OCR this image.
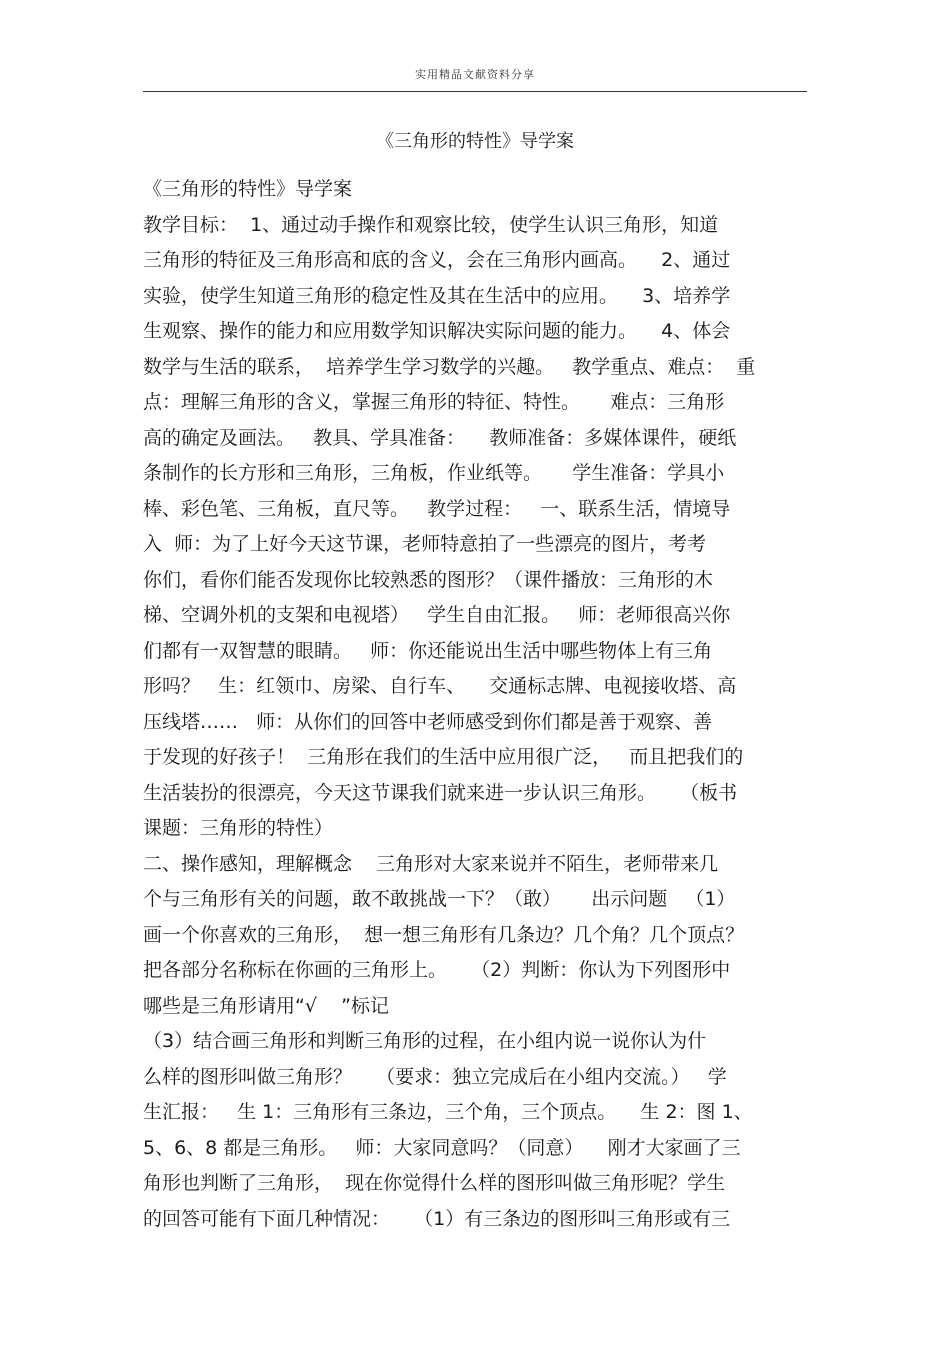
实用精品文献资料分享
《三角形的特性》导学案
《三角形的特性》导学案
教学目标：  1、通过动手操作和观察比较，使学生认识三角形，知道
三角形的特征及三角形高和底的含义，会在三角形内画高。    2、通过
实验，使学生知道三角形的稳定性及其在生活中的应用。    3、培养学
生观察、操作的能力和应用数学知识解决实际问题的能力。    4、体会
数学与生活的联系，  培养学生学习数学的兴趣。   教学重点、难点：  重
点：理解三角形的含义，掌握三角形的特征、特性。     难点：三角形
高的确定及画法。   教具、学具准备：    教师准备：多媒体课件，硬纸
条制作的长方形和三角形，三角板，作业纸等。     学生准备：学具小
棒、彩色笔、三角板，直尺等。   教学过程：   一、联系生活，情境导
入  师：为了上好今天这节课，老师特意拍了一些漂亮的图片，考考
你们，看你们能否发现你比较熟悉的图形？（课件播放：三角形的木
梯、空调外机的支架和电视塔）   学生自由汇报。   师：老师很高兴你
们都有一双智慧的眼睛。   师：你还能说出生活中哪些物体上有三角
形吗？   生：红领巾、房梁、自行车、    交通标志牌、电视接收塔、高
压线塔……   师：从你们的回答中老师感受到你们都是善于观察、善
于发现的好孩子！  三角形在我们的生活中应用很广泛，   而且把我们的
生活装扮的很漂亮，今天这节课我们就来进一步认识三角形。    （板书
课题：三角形的特性）
二、操作感知，理解概念    三角形对大家来说并不陌生，老师带来几
个与三角形有关的问题，敢不敢挑战一下？（敢）     出示问题   （1）
画一个你喜欢的三角形，  想一想三角形有几条边？几个角？几个顶点？
把各部分名称标在你画的三角形上。    （2）判断：你认为下列图形中
哪些是三角形请用“√    ”标记
（3）结合画三角形和判断三角形的过程，在小组内说一说你认为什
么样的图形叫做三角形？    （要求：独立完成后在小组内交流。）   学
生汇报：   生 1：三角形有三条边，三个角，三个顶点。    生 2：图 1、
5、6、8 都是三角形。   师：大家同意吗？（同意）    刚才大家画了三
角形也判断了三角形，  现在你觉得什么样的图形叫做三角形呢？学生
的回答可能有下面几种情况：    （1）有三条边的图形叫三角形或有三
